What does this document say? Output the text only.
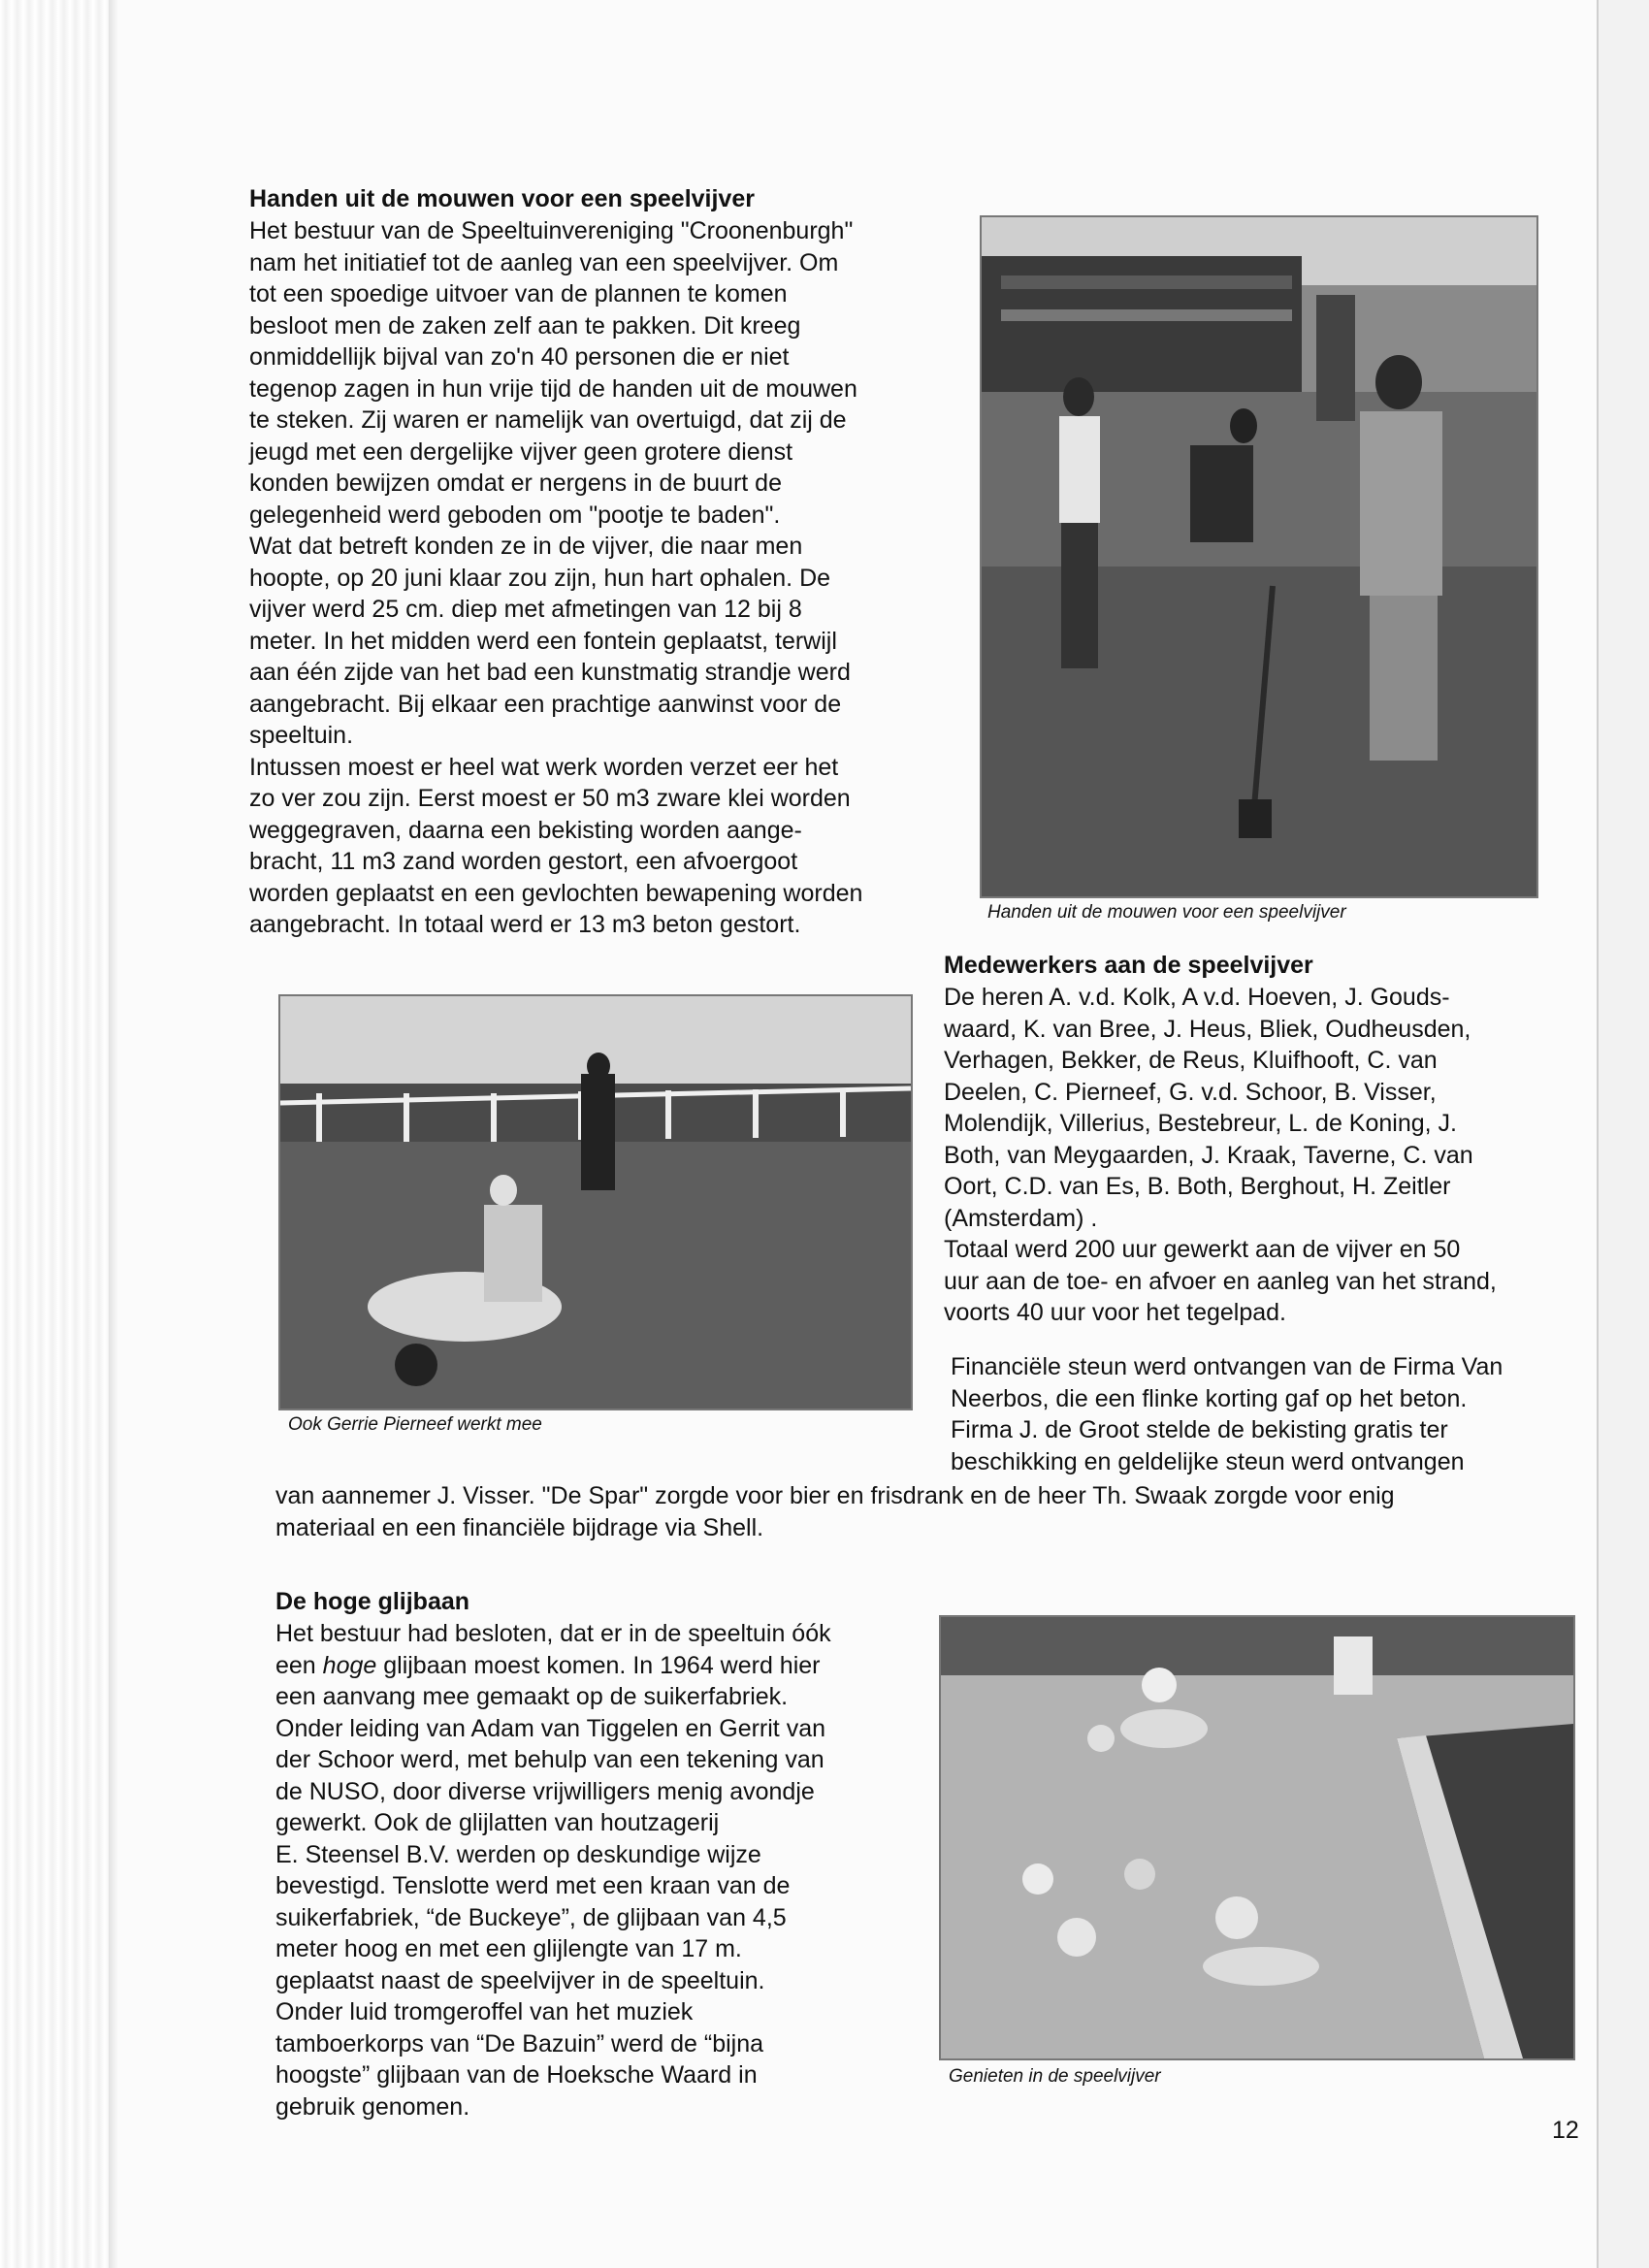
Handen uit de mouwen voor een speelvijver
Het bestuur van de Speeltuinvereniging "Croonenburgh"
nam het initiatief tot de aanleg van een speelvijver. Om
tot een spoedige uitvoer van de plannen te komen
besloot men de zaken zelf aan te pakken. Dit kreeg
onmiddellijk bijval van zo'n 40 personen die er niet
tegenop zagen in hun vrije tijd de handen uit de mouwen
te steken. Zij waren er namelijk van overtuigd, dat zij de
jeugd met een dergelijke vijver geen grotere dienst
konden bewijzen omdat er nergens in de buurt de
gelegenheid werd geboden om "pootje te baden".
Wat dat betreft konden ze in de vijver, die naar men
hoopte, op 20 juni klaar zou zijn, hun hart ophalen. De
vijver werd 25 cm. diep met afmetingen van 12 bij 8
meter. In het midden werd een fontein geplaatst, terwijl
aan één zijde van het bad een kunstmatig strandje werd
aangebracht. Bij elkaar een prachtige aanwinst voor de
speeltuin.
Intussen moest er heel wat werk worden verzet eer het
zo ver zou zijn. Eerst moest er 50 m3 zware klei worden
weggegraven, daarna een bekisting worden aange-
bracht, 11 m3 zand worden gestort, een afvoergoot
worden geplaatst en een gevlochten bewapening worden
aangebracht. In totaal werd er 13 m3 beton gestort.	Handen uit de mouwen voor een speelvijver
Ook Gerrie Pierneef werkt mee
Medewerkers aan de speelvijver
De heren A. v.d. Kolk, A v.d. Hoeven, J. Gouds-
waard, K. van Bree, J. Heus, Bliek, Oudheusden,
Verhagen, Bekker, de Reus, Kluifhooft, C. van
Deelen, C. Pierneef, G. v.d. Schoor, B. Visser,
Molendijk, Villerius, Bestebreur, L. de Koning, J.
Both, van Meygaarden, J. Kraak, Taverne, C. van
Oort, C.D. van Es, B. Both, Berghout, H. Zeitler
(Amsterdam) .
Totaal werd 200 uur gewerkt aan de vijver en 50
uur aan de toe- en afvoer en aanleg van het strand,
voorts 40 uur voor het tegelpad.
Financiële steun werd ontvangen van de Firma Van
Neerbos, die een flinke korting gaf op het beton.
Firma J. de Groot stelde de bekisting gratis ter
beschikking en geldelijke steun werd ontvangen
van aannemer J. Visser. "De Spar" zorgde voor bier en frisdrank en de heer Th. Swaak zorgde voor enig
materiaal en een financiële bijdrage via Shell.
De hoge glijbaan
Het bestuur had besloten, dat er in de speeltuin óók
een hoge glijbaan moest komen. In 1964 werd hier
een aanvang mee gemaakt op de suikerfabriek.
Onder leiding van Adam van Tiggelen en Gerrit van
der Schoor werd, met behulp van een tekening van
de NUSO, door diverse vrijwilligers menig avondje
gewerkt. Ook de glijlatten van houtzagerij
E. Steensel B.V. werden op deskundige wijze
bevestigd. Tenslotte werd met een kraan van de
suikerfabriek, “de Buckeye”, de glijbaan van 4,5
meter hoog en met een glijlengte van 17 m.
geplaatst naast de speelvijver in de speeltuin.
Onder luid tromgeroffel van het muziek
tamboerkorps van “De Bazuin” werd de “bijna
hoogste” glijbaan van de Hoeksche Waard in
gebruik genomen.
Genieten in de speelvijver
12
